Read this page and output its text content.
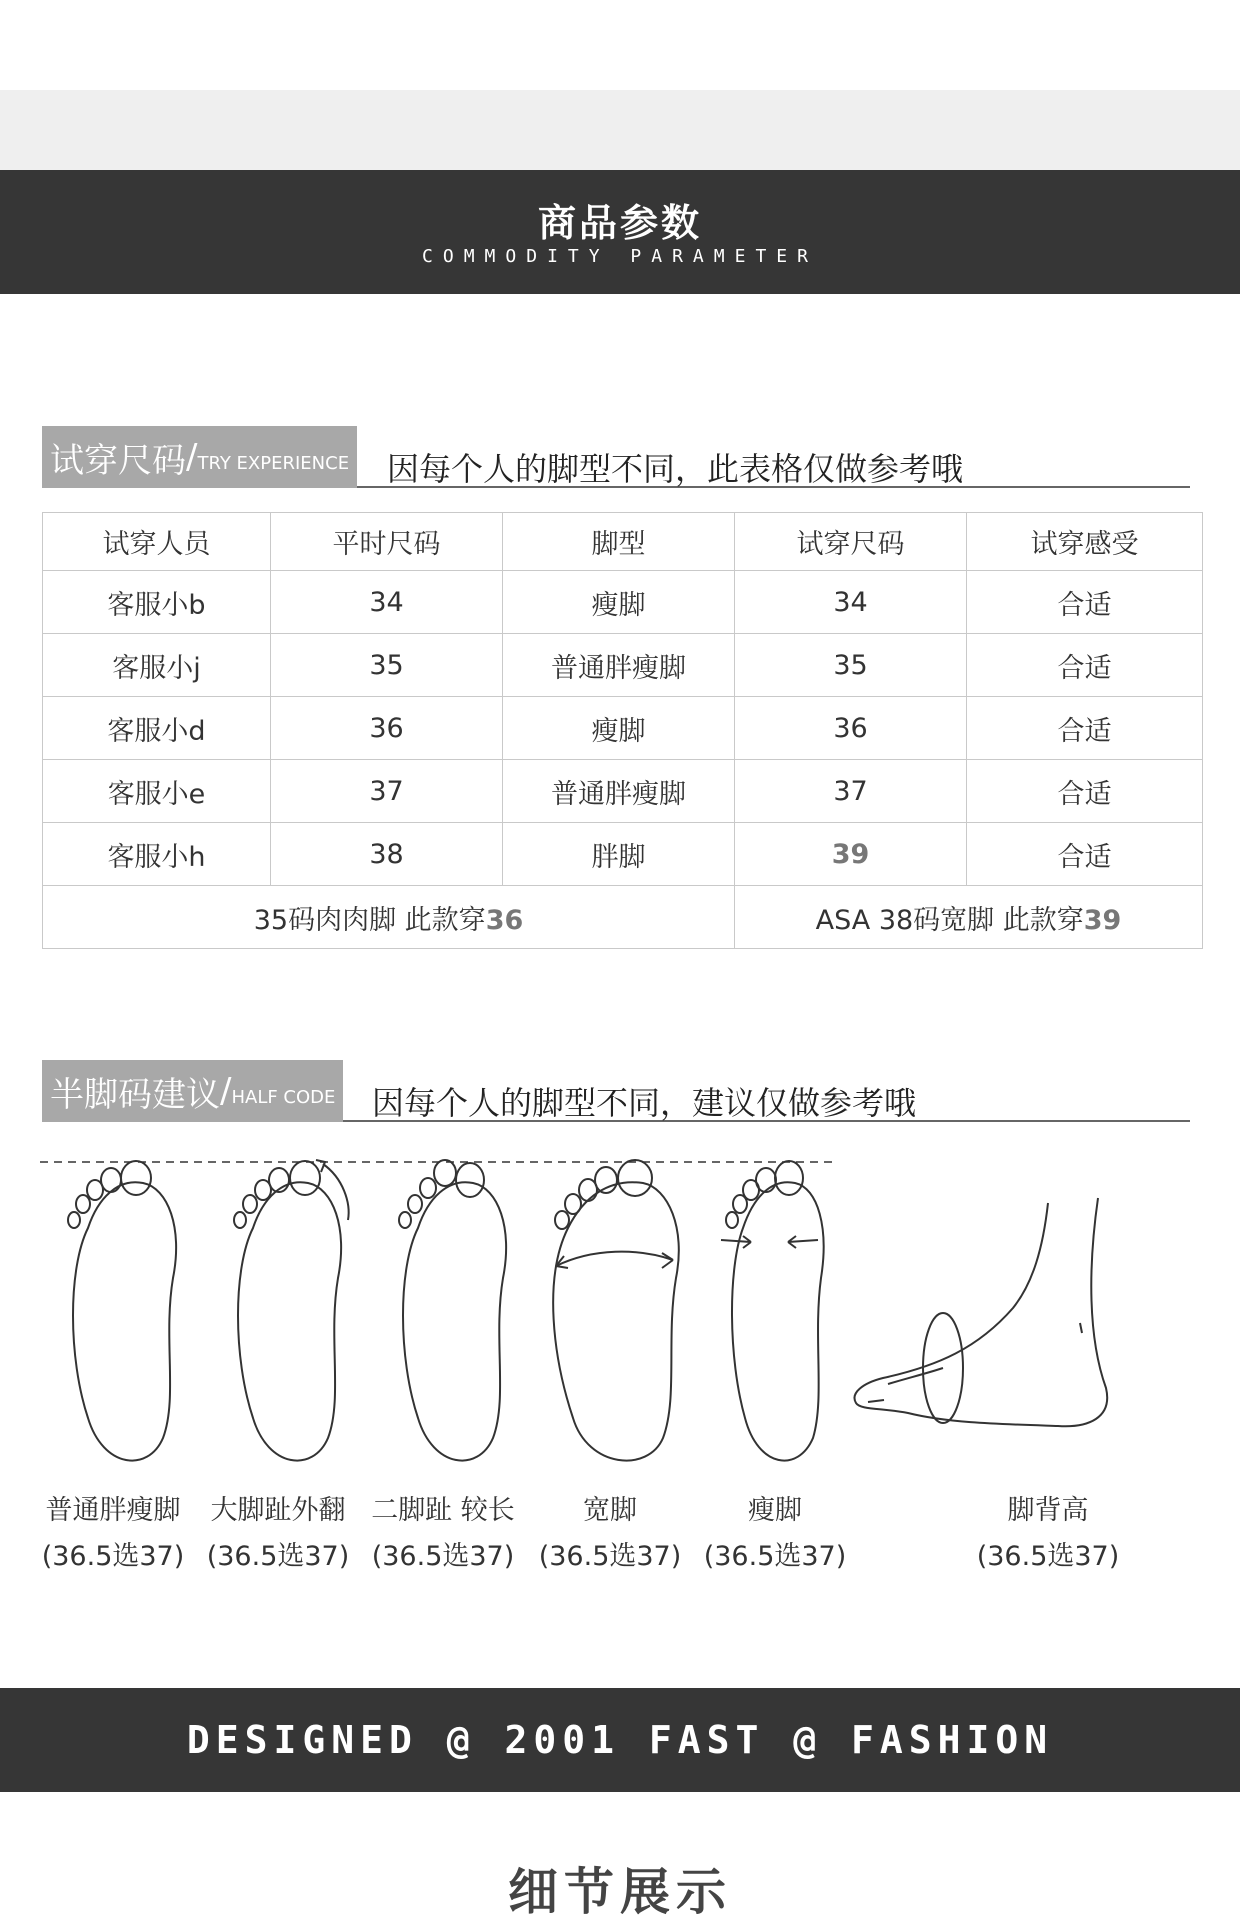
商品参数
COMMODITY PARAMETER
试穿尺码 / TRY EXPERIENCE 因每个人的脚型不同，此表格仅做参考哦
试穿人员	平时尺码	脚型	试穿尺码	试穿感受
客服小b	34	瘦脚	34	合适
客服小j	35	普通胖瘦脚	35	合适
客服小d	36	瘦脚	36	合适
客服小e	37	普通胖瘦脚	37	合适
客服小h	38	胖脚	39	合适
35码肉肉脚 此款穿36			ASA 38码宽脚 此款穿39	
半脚码建议 / HALF CODE 因每个人的脚型不同，建议仅做参考哦
普通胖瘦脚
(36.5选37)
大脚趾外翻
(36.5选37)
二脚趾 较长
(36.5选37)
宽脚
(36.5选37)
瘦脚
(36.5选37)
脚背高
(36.5选37)
DESIGNED @ 2001 FAST @ FASHION
细节展示
